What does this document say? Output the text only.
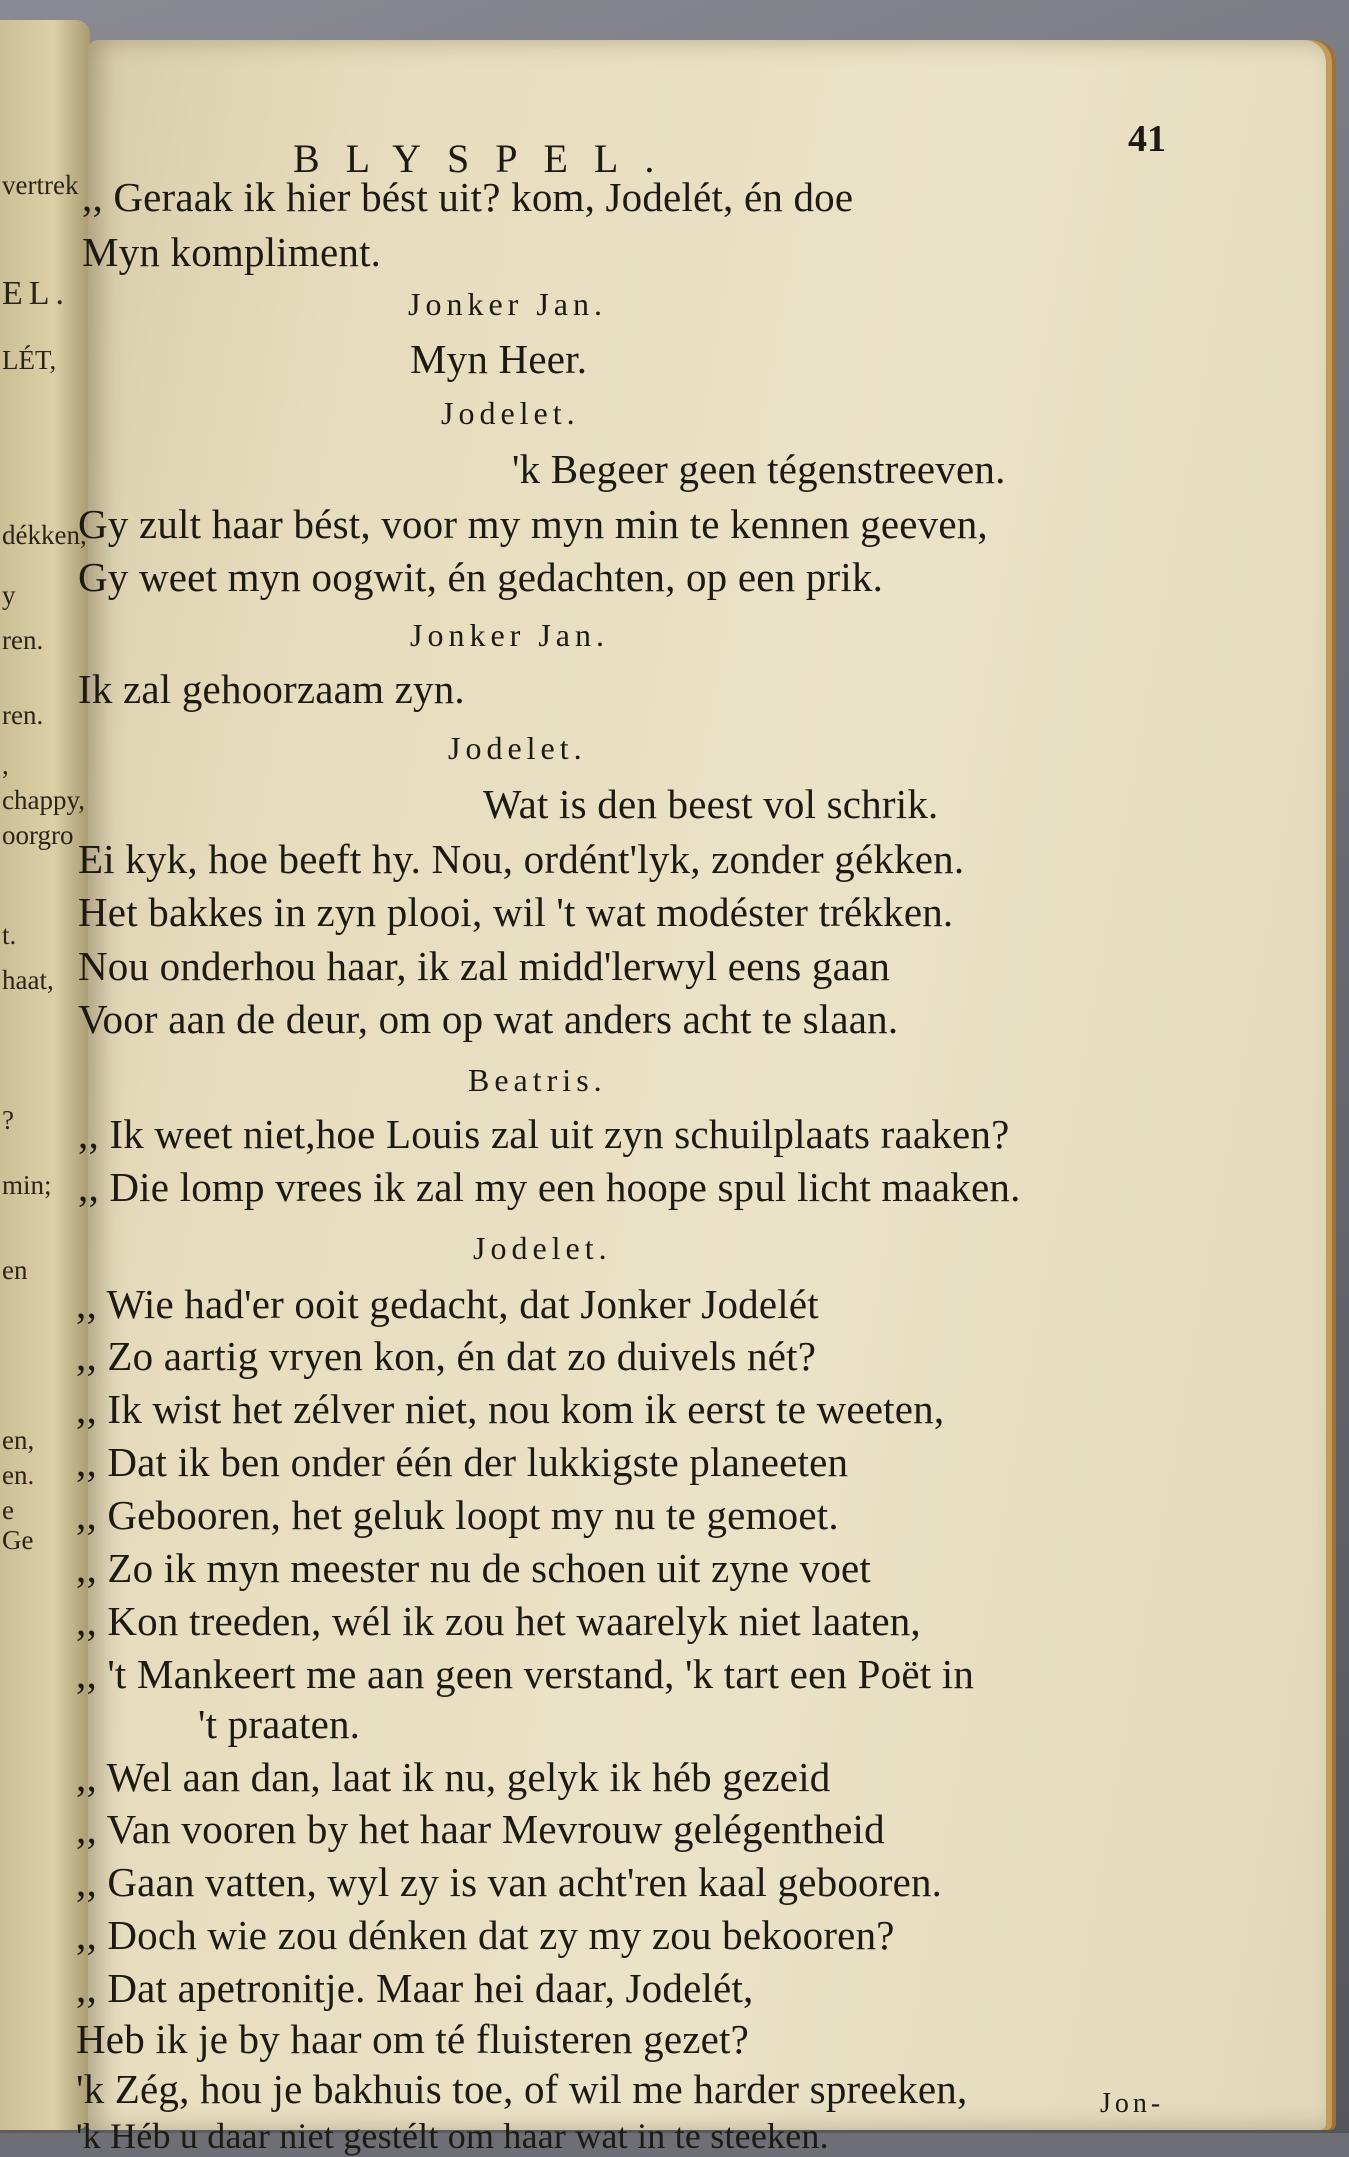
vertrek
EL.
LÉT,
dékken,
y
ren.
ren.
,
chappy,
oorgro
t.
haat,
?
min;
en
en,
en.
e
Ge
BLYSPEL.	41
,, Geraak ik hier bést uit? kom, Jodelét, én doe
Myn kompliment.
Jonker Jan.
Myn Heer.
Jodelet.
'k Begeer geen tégenstreeven.
Gy zult haar bést, voor my myn min te kennen geeven,
Gy weet myn oogwit, én gedachten, op een prik.
Jonker Jan.
Ik zal gehoorzaam zyn.
Jodelet.
Wat is den beest vol schrik.
Ei kyk, hoe beeft hy. Nou, ordént'lyk, zonder gékken.
Het bakkes in zyn plooi, wil 't wat modéster trékken.
Nou onderhou haar, ik zal midd'lerwyl eens gaan
Voor aan de deur, om op wat anders acht te slaan.
Beatris.
,, Ik weet niet,hoe Louis zal uit zyn schuilplaats raaken?
,, Die lomp vrees ik zal my een hoope spul licht maaken.
Jodelet.
,, Wie had'er ooit gedacht, dat Jonker Jodelét
,, Zo aartig vryen kon, én dat zo duivels nét?
,, Ik wist het zélver niet, nou kom ik eerst te weeten,
,, Dat ik ben onder één der lukkigste planeeten
,, Gebooren, het geluk loopt my nu te gemoet.
,, Zo ik myn meester nu de schoen uit zyne voet
,, Kon treeden, wél ik zou het waarelyk niet laaten,
,, 't Mankeert me aan geen verstand, 'k tart een Poët in
't praaten.
,, Wel aan dan, laat ik nu, gelyk ik héb gezeid
,, Van vooren by het haar Mevrouw gelégentheid
,, Gaan vatten, wyl zy is van acht'ren kaal gebooren.
,, Doch wie zou dénken dat zy my zou bekooren?
,, Dat apetronitje. Maar hei daar, Jodelét,
Heb ik je by haar om té fluisteren gezet?
'k Zég, hou je bakhuis toe, of wil me harder spreeken,
'k Héb u daar niet gestélt om haar wat in te steeken.
Jon-
